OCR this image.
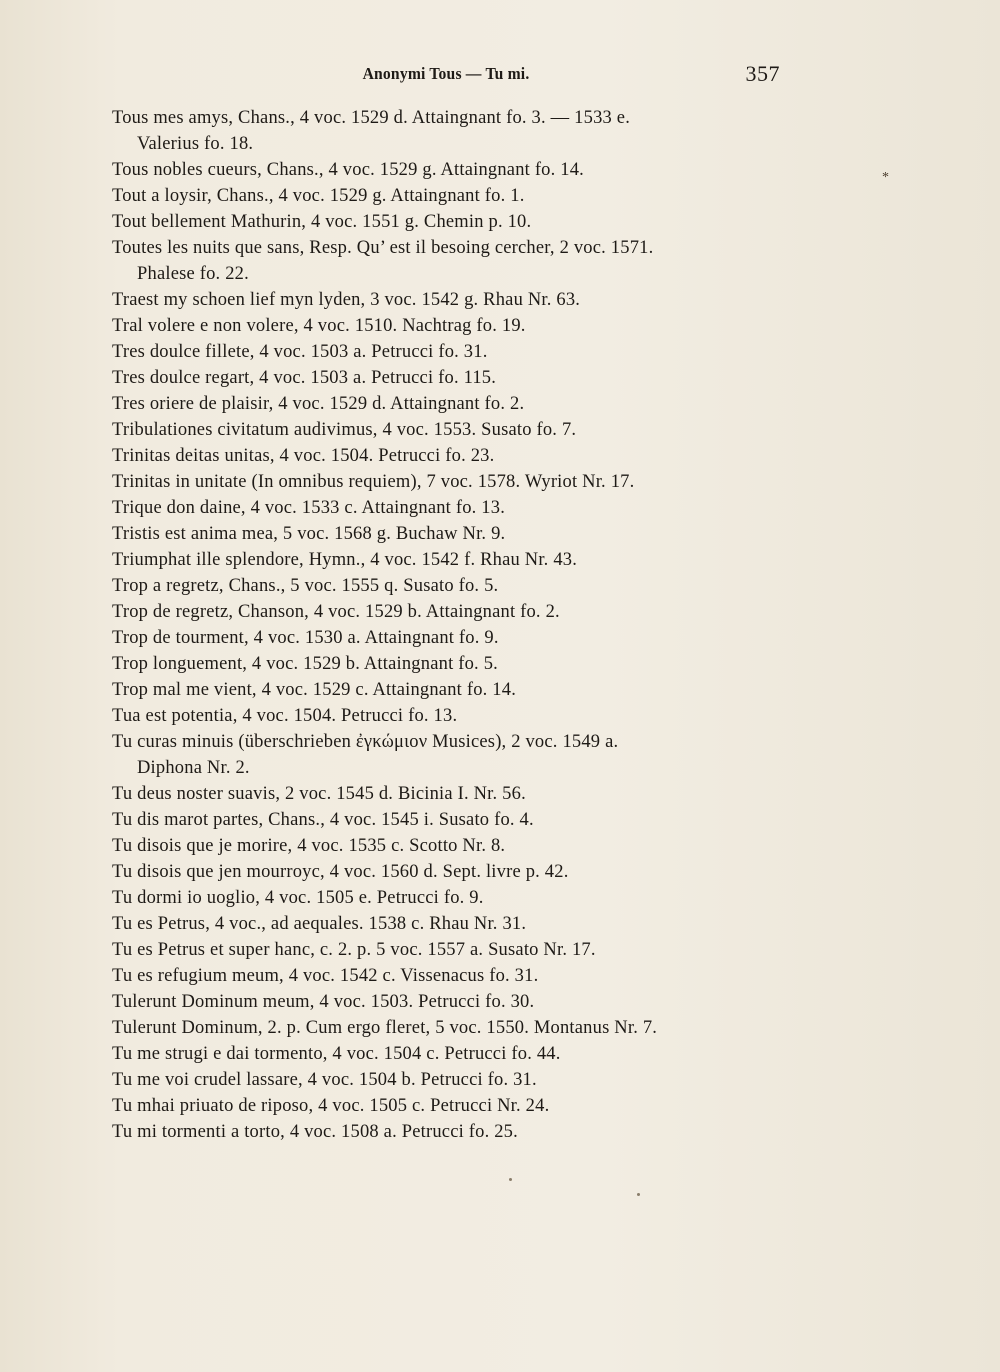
Anonymi Tous — Tu mi.	357
*
Tous mes amys, Chans., 4 voc. 1529 d. Attaingnant fo. 3. — 1533 e.
Valerius fo. 18.
Tous nobles cueurs, Chans., 4 voc. 1529 g. Attaingnant fo. 14.
Tout a loysir, Chans., 4 voc. 1529 g. Attaingnant fo. 1.
Tout bellement Mathurin, 4 voc. 1551 g. Chemin p. 10.
Toutes les nuits que sans, Resp. Qu’ est il besoing cercher, 2 voc. 1571.
Phalese fo. 22.
Traest my schoen lief myn lyden, 3 voc. 1542 g. Rhau Nr. 63.
Tral volere e non volere, 4 voc. 1510. Nachtrag fo. 19.
Tres doulce fillete, 4 voc. 1503 a. Petrucci fo. 31.
Tres doulce regart, 4 voc. 1503 a. Petrucci fo. 115.
Tres oriere de plaisir, 4 voc. 1529 d. Attaingnant fo. 2.
Tribulationes civitatum audivimus, 4 voc. 1553. Susato fo. 7.
Trinitas deitas unitas, 4 voc. 1504. Petrucci fo. 23.
Trinitas in unitate (In omnibus requiem), 7 voc. 1578. Wyriot Nr. 17.
Trique don daine, 4 voc. 1533 c. Attaingnant fo. 13.
Tristis est anima mea, 5 voc. 1568 g. Buchaw Nr. 9.
Triumphat ille splendore, Hymn., 4 voc. 1542 f. Rhau Nr. 43.
Trop a regretz, Chans., 5 voc. 1555 q. Susato fo. 5.
Trop de regretz, Chanson, 4 voc. 1529 b. Attaingnant fo. 2.
Trop de tourment, 4 voc. 1530 a. Attaingnant fo. 9.
Trop longuement, 4 voc. 1529 b. Attaingnant fo. 5.
Trop mal me vient, 4 voc. 1529 c. Attaingnant fo. 14.
Tua est potentia, 4 voc. 1504. Petrucci fo. 13.
Tu curas minuis (überschrieben ἐγκώμιον Musices), 2 voc. 1549 a.
Diphona Nr. 2.
Tu deus noster suavis, 2 voc. 1545 d. Bicinia I. Nr. 56.
Tu dis marot partes, Chans., 4 voc. 1545 i. Susato fo. 4.
Tu disois que je morire, 4 voc. 1535 c. Scotto Nr. 8.
Tu disois que jen mourroyc, 4 voc. 1560 d. Sept. livre p. 42.
Tu dormi io uoglio, 4 voc. 1505 e. Petrucci fo. 9.
Tu es Petrus, 4 voc., ad aequales. 1538 c. Rhau Nr. 31.
Tu es Petrus et super hanc, c. 2. p. 5 voc. 1557 a. Susato Nr. 17.
Tu es refugium meum, 4 voc. 1542 c. Vissenacus fo. 31.
Tulerunt Dominum meum, 4 voc. 1503. Petrucci fo. 30.
Tulerunt Dominum, 2. p. Cum ergo fleret, 5 voc. 1550. Montanus Nr. 7.
Tu me strugi e dai tormento, 4 voc. 1504 c. Petrucci fo. 44.
Tu me voi crudel lassare, 4 voc. 1504 b. Petrucci fo. 31.
Tu mhai priuato de riposo, 4 voc. 1505 c. Petrucci Nr. 24.
Tu mi tormenti a torto, 4 voc. 1508 a. Petrucci fo. 25.
